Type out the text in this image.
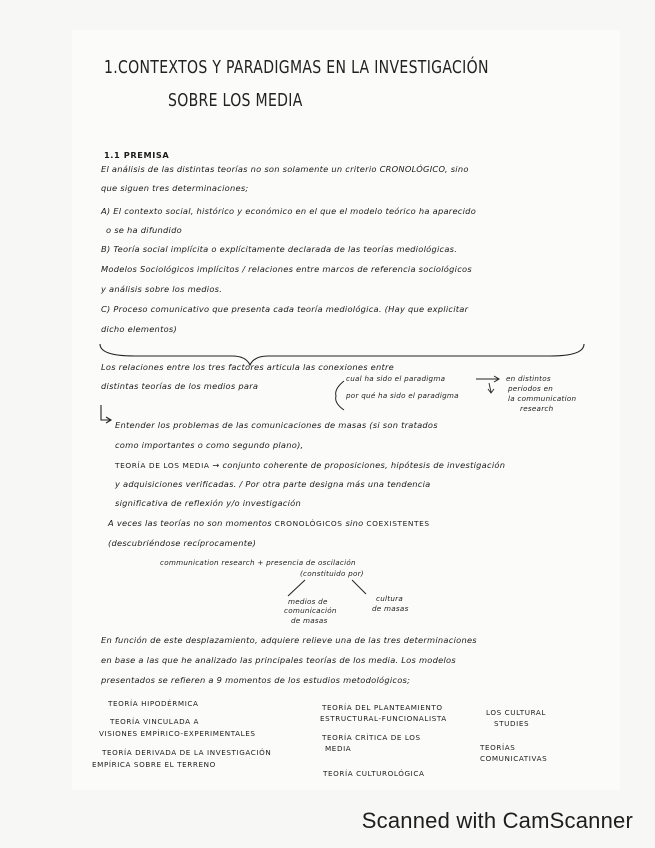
1.CONTEXTOS Y PARADIGMAS EN LA INVESTIGACIÓN
SOBRE LOS MEDIA
1.1 PREMISA
El análisis de las distintas teorías no son solamente un criterio CRONOLÓGICO, sino
que siguen tres determinaciones;
A) El contexto social, histórico y económico en el que el modelo teórico ha aparecido
o se ha difundido
B) Teoría social implícita o explícitamente declarada de las teorías mediológicas.
Modelos Sociológicos implícitos / relaciones entre marcos de referencia sociológicos
y análisis sobre los medios.
C) Proceso comunicativo que presenta cada teoría mediológica. (Hay que explicitar
dicho elementos)
Los relaciones entre los tres factores articula las conexiones entre
distintas teorías de los medios para
cual ha sido el paradigma
por qué ha sido el paradigma
en distintos
periodos en
la communication
research
Entender los problemas de las comunicaciones de masas (si son tratados
como importantes o como segundo plano),
TEORÍA DE LOS MEDIA → conjunto coherente de proposiciones, hipótesis de investigación
y adquisiciones verificadas. / Por otra parte designa más una tendencia
significativa de reflexión y/o investigación
A veces las teorías no son momentos CRONOLÓGICOS sino COEXISTENTES
(descubriéndose recíprocamente)
communication research + presencia de oscilación
(constituido por)
medios de
comunicación
de masas
cultura
de masas
En función de este desplazamiento, adquiere relieve una de las tres determinaciones
en base a las que he analizado las principales teorías de los media. Los modelos
presentados se refieren a 9 momentos de los estudios metodológicos;
TEORÍA HIPODÉRMICA
TEORÍA VINCULADA A
VISIONES EMPÍRICO-EXPERIMENTALES
TEORÍA DERIVADA DE LA INVESTIGACIÓN
EMPÍRICA SOBRE EL TERRENO
TEORÍA DEL PLANTEAMIENTO
ESTRUCTURAL-FUNCIONALISTA
TEORÍA CRÍTICA DE LOS
MEDIA
TEORÍA CULTUROLÓGICA
LOS CULTURAL
STUDIES
TEORÍAS
COMUNICATIVAS
Scanned with CamScanner
